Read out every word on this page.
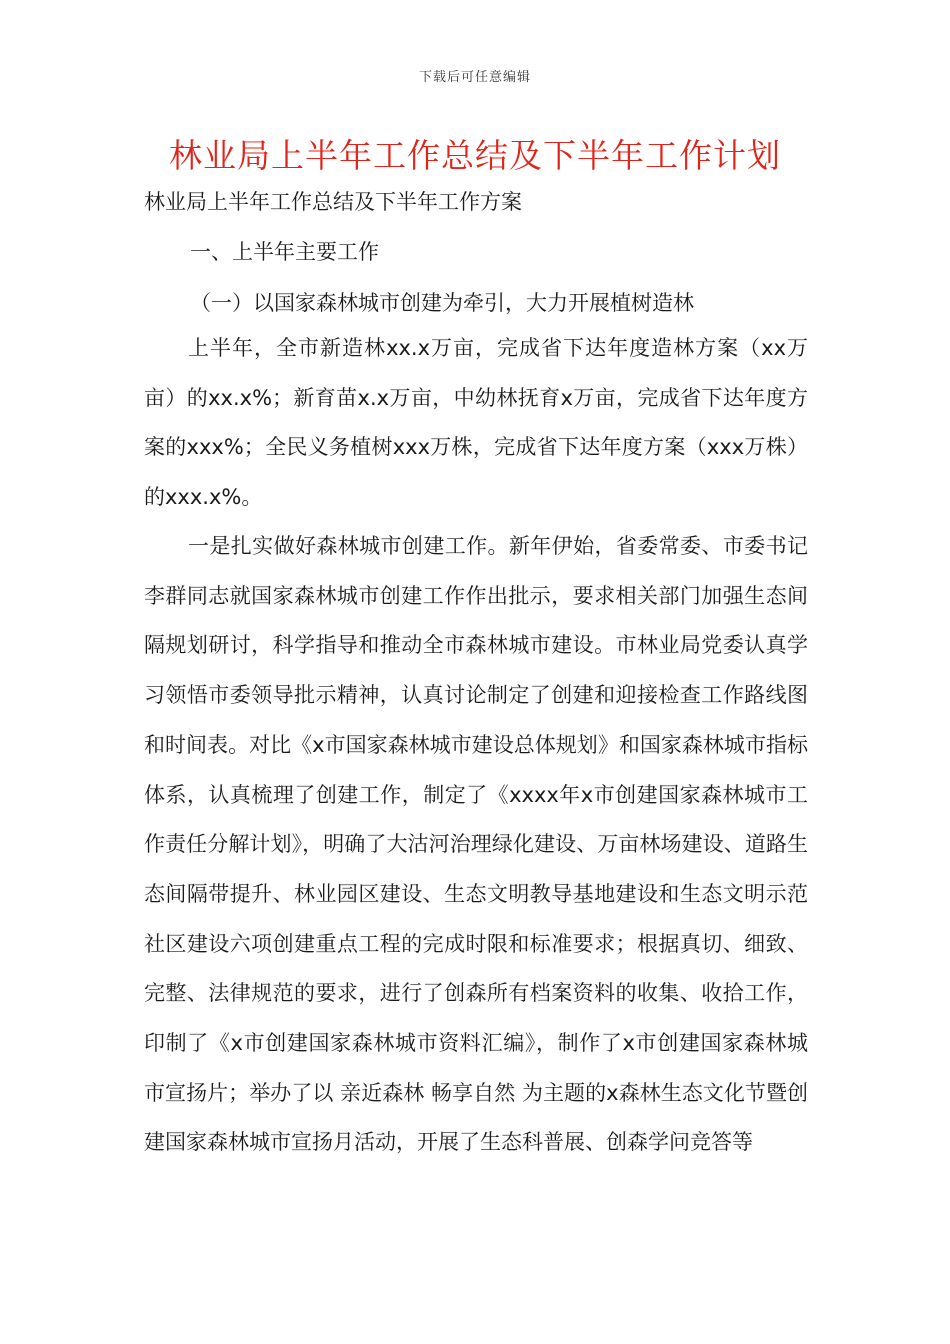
下载后可任意编辑
林业局上半年工作总结及下半年工作计划
林业局上半年工作总结及下半年工作方案
一、上半年主要工作
（一）以国家森林城市创建为牵引，大力开展植树造林

上半年，全市新造林xx.x万亩，完成省下达年度造林方案（xx万亩）的xx.x%；新育苗x.x万亩，中幼林抚育x万亩，完成省下达年度方案的xxx%；全民义务植树xxx万株，完成省下达年度方案（xxx万株）的xxx.x%。

一是扎实做好森林城市创建工作。新年伊始，省委常委、市委书记李群同志就国家森林城市创建工作作出批示，要求相关部门加强生态间隔规划研讨，科学指导和推动全市森林城市建设。市林业局党委认真学习领悟市委领导批示精神，认真讨论制定了创建和迎接检查工作路线图和时间表。对比《x市国家森林城市建设总体规划》和国家森林城市指标体系，认真梳理了创建工作，制定了《xxxx年x市创建国家森林城市工作责任分解计划》，明确了大沽河治理绿化建设、万亩林场建设、道路生态间隔带提升、林业园区建设、生态文明教导基地建设和生态文明示范社区建设六项创建重点工程的完成时限和标准要求；根据真切、细致、完整、法律规范的要求，进行了创森所有档案资料的收集、收拾工作，印制了《x市创建国家森林城市资料汇编》，制作了x市创建国家森林城市宣扬片；举办了以 亲近森林 畅享自然 为主题的x森林生态文化节暨创建国家森林城市宣扬月活动，开展了生态科普展、创森学问竞答等
